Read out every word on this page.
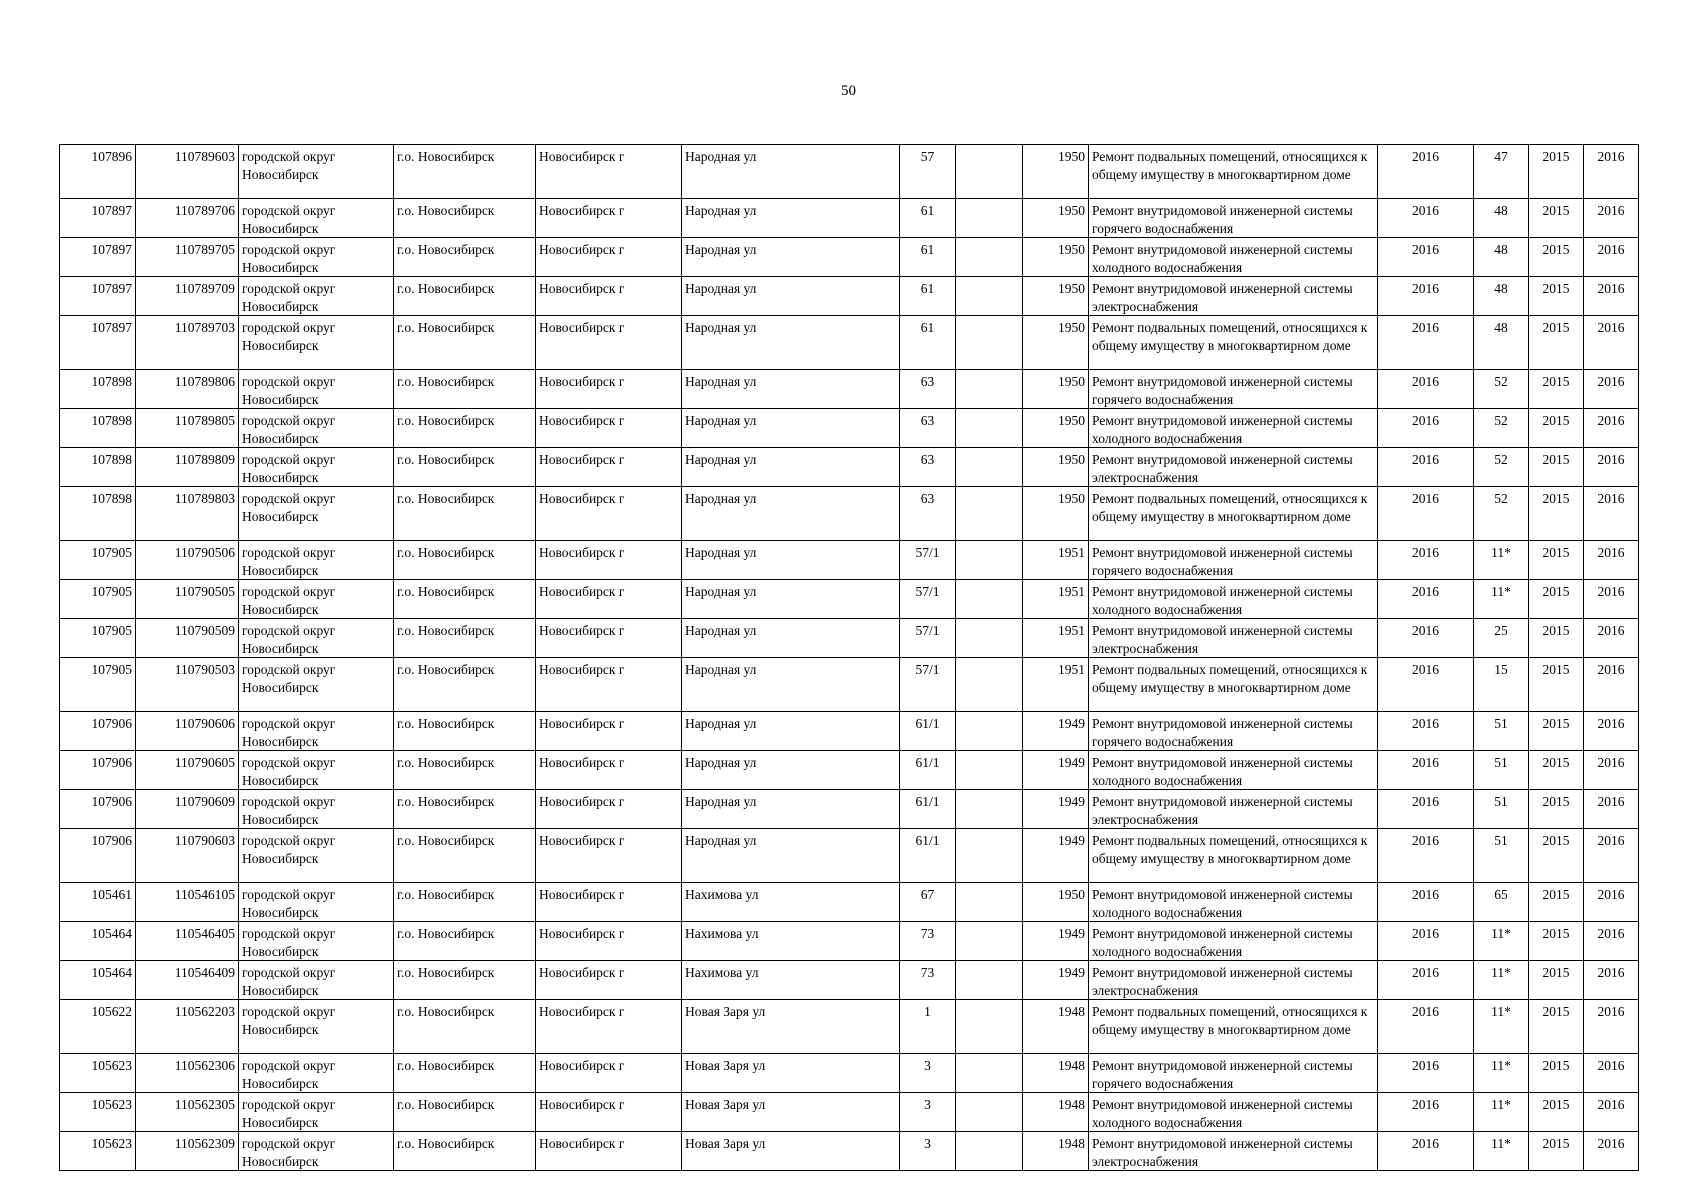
50
107896	110789603	городской округ Новосибирск	г.о. Новосибирск	Новосибирск г	Народная ул	57		1950	Ремонт подвальных помещений, относящихся к общему имуществу в многоквартирном доме	2016	47	2015	2016
107897	110789706	городской округ Новосибирск	г.о. Новосибирск	Новосибирск г	Народная ул	61		1950	Ремонт внутридомовой инженерной системы горячего водоснабжения	2016	48	2015	2016
107897	110789705	городской округ Новосибирск	г.о. Новосибирск	Новосибирск г	Народная ул	61		1950	Ремонт внутридомовой инженерной системы холодного водоснабжения	2016	48	2015	2016
107897	110789709	городской округ Новосибирск	г.о. Новосибирск	Новосибирск г	Народная ул	61		1950	Ремонт внутридомовой инженерной системы электроснабжения	2016	48	2015	2016
107897	110789703	городской округ Новосибирск	г.о. Новосибирск	Новосибирск г	Народная ул	61		1950	Ремонт подвальных помещений, относящихся к общему имуществу в многоквартирном доме	2016	48	2015	2016
107898	110789806	городской округ Новосибирск	г.о. Новосибирск	Новосибирск г	Народная ул	63		1950	Ремонт внутридомовой инженерной системы горячего водоснабжения	2016	52	2015	2016
107898	110789805	городской округ Новосибирск	г.о. Новосибирск	Новосибирск г	Народная ул	63		1950	Ремонт внутридомовой инженерной системы холодного водоснабжения	2016	52	2015	2016
107898	110789809	городской округ Новосибирск	г.о. Новосибирск	Новосибирск г	Народная ул	63		1950	Ремонт внутридомовой инженерной системы электроснабжения	2016	52	2015	2016
107898	110789803	городской округ Новосибирск	г.о. Новосибирск	Новосибирск г	Народная ул	63		1950	Ремонт подвальных помещений, относящихся к общему имуществу в многоквартирном доме	2016	52	2015	2016
107905	110790506	городской округ Новосибирск	г.о. Новосибирск	Новосибирск г	Народная ул	57/1		1951	Ремонт внутридомовой инженерной системы горячего водоснабжения	2016	11*	2015	2016
107905	110790505	городской округ Новосибирск	г.о. Новосибирск	Новосибирск г	Народная ул	57/1		1951	Ремонт внутридомовой инженерной системы холодного водоснабжения	2016	11*	2015	2016
107905	110790509	городской округ Новосибирск	г.о. Новосибирск	Новосибирск г	Народная ул	57/1		1951	Ремонт внутридомовой инженерной системы электроснабжения	2016	25	2015	2016
107905	110790503	городской округ Новосибирск	г.о. Новосибирск	Новосибирск г	Народная ул	57/1		1951	Ремонт подвальных помещений, относящихся к общему имуществу в многоквартирном доме	2016	15	2015	2016
107906	110790606	городской округ Новосибирск	г.о. Новосибирск	Новосибирск г	Народная ул	61/1		1949	Ремонт внутридомовой инженерной системы горячего водоснабжения	2016	51	2015	2016
107906	110790605	городской округ Новосибирск	г.о. Новосибирск	Новосибирск г	Народная ул	61/1		1949	Ремонт внутридомовой инженерной системы холодного водоснабжения	2016	51	2015	2016
107906	110790609	городской округ Новосибирск	г.о. Новосибирск	Новосибирск г	Народная ул	61/1		1949	Ремонт внутридомовой инженерной системы электроснабжения	2016	51	2015	2016
107906	110790603	городской округ Новосибирск	г.о. Новосибирск	Новосибирск г	Народная ул	61/1		1949	Ремонт подвальных помещений, относящихся к общему имуществу в многоквартирном доме	2016	51	2015	2016
105461	110546105	городской округ Новосибирск	г.о. Новосибирск	Новосибирск г	Нахимова ул	67		1950	Ремонт внутридомовой инженерной системы холодного водоснабжения	2016	65	2015	2016
105464	110546405	городской округ Новосибирск	г.о. Новосибирск	Новосибирск г	Нахимова ул	73		1949	Ремонт внутридомовой инженерной системы холодного водоснабжения	2016	11*	2015	2016
105464	110546409	городской округ Новосибирск	г.о. Новосибирск	Новосибирск г	Нахимова ул	73		1949	Ремонт внутридомовой инженерной системы электроснабжения	2016	11*	2015	2016
105622	110562203	городской округ Новосибирск	г.о. Новосибирск	Новосибирск г	Новая Заря ул	1		1948	Ремонт подвальных помещений, относящихся к общему имуществу в многоквартирном доме	2016	11*	2015	2016
105623	110562306	городской округ Новосибирск	г.о. Новосибирск	Новосибирск г	Новая Заря ул	3		1948	Ремонт внутридомовой инженерной системы горячего водоснабжения	2016	11*	2015	2016
105623	110562305	городской округ Новосибирск	г.о. Новосибирск	Новосибирск г	Новая Заря ул	3		1948	Ремонт внутридомовой инженерной системы холодного водоснабжения	2016	11*	2015	2016
105623	110562309	городской округ Новосибирск	г.о. Новосибирск	Новосибирск г	Новая Заря ул	3		1948	Ремонт внутридомовой инженерной системы электроснабжения	2016	11*	2015	2016
